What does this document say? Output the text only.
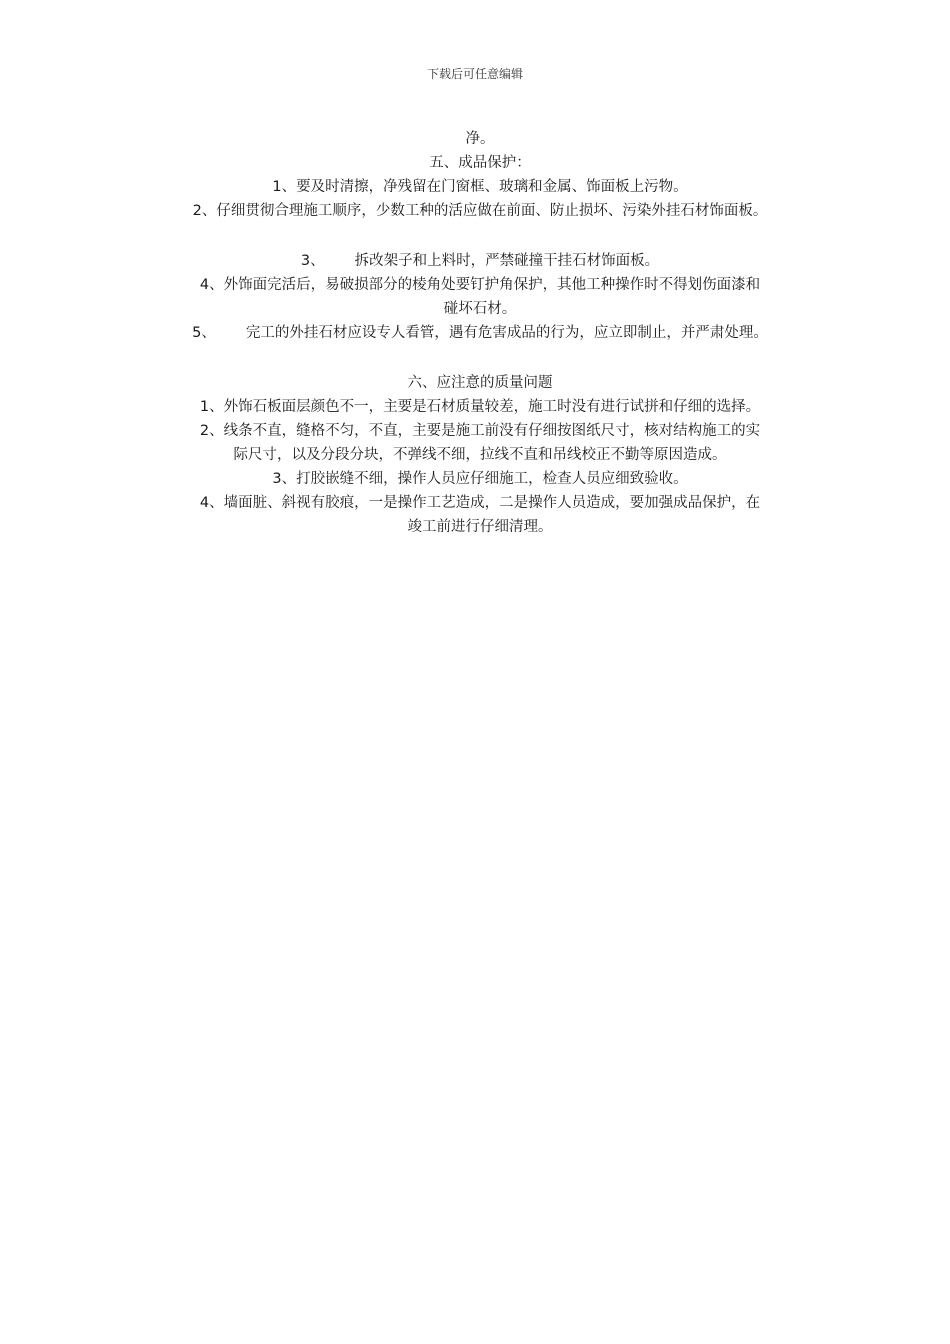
下载后可任意编辑
净。
五、成品保护：
1、要及时清擦，净残留在门窗框、玻璃和金属、饰面板上污物。
2、仔细贯彻合理施工顺序，少数工种的活应做在前面、防止损坏、污染外挂石材饰面板。
3、 拆改架子和上料时，严禁碰撞干挂石材饰面板。
4、外饰面完活后，易破损部分的棱角处要钉护角保护，其他工种操作时不得划伤面漆和
碰坏石材。
5、 完工的外挂石材应设专人看管，遇有危害成品的行为，应立即制止，并严肃处理。
六、应注意的质量问题
1、外饰石板面层颜色不一，主要是石材质量较差，施工时没有进行试拼和仔细的选择。
2、线条不直，缝格不匀，不直，主要是施工前没有仔细按图纸尺寸，核对结构施工的实
际尺寸，以及分段分块，不弹线不细，拉线不直和吊线校正不勤等原因造成。
3、打胶嵌缝不细，操作人员应仔细施工，检查人员应细致验收。
4、墙面脏、斜视有胶痕，一是操作工艺造成，二是操作人员造成，要加强成品保护，在
竣工前进行仔细清理。
